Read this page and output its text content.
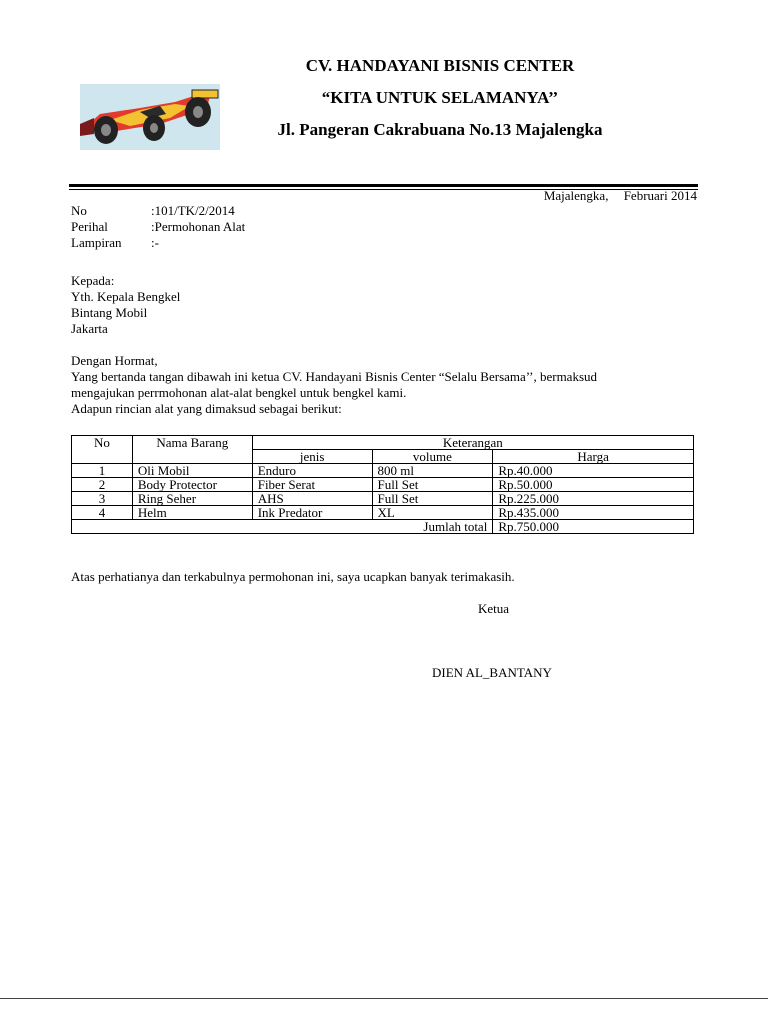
CV. HANDAYANI BISNIS CENTER
“KITA UNTUK SELAMANYA’’
Jl. Pangeran Cakrabuana No.13 Majalengka
Majalengka, Februari 2014
No	:101/TK/2/2014
Perihal	:Permohonan Alat
Lampiran :-
Kepada:
Yth. Kepala Bengkel
Bintang Mobil
Jakarta
Dengan Hormat,
Yang bertanda tangan dibawah ini ketua CV. Handayani Bisnis Center “Selalu Bersama’’, bermaksud
mengajukan perrmohonan alat-alat bengkel untuk bengkel kami.
Adapun rincian alat yang dimaksud sebagai berikut:
No	Nama Barang	Keterangan		
		jenis	volume	Harga
1	Oli Mobil	Enduro	800 ml	Rp.40.000
2	Body Protector	Fiber Serat	Full Set	Rp.50.000
3	Ring Seher	AHS	Full Set	Rp.225.000
4	Helm	Ink Predator	XL	Rp.435.000
Jumlah total				Rp.750.000
Atas perhatianya dan terkabulnya permohonan ini, saya ucapkan banyak terimakasih.
Ketua
DIEN AL_BANTANY
